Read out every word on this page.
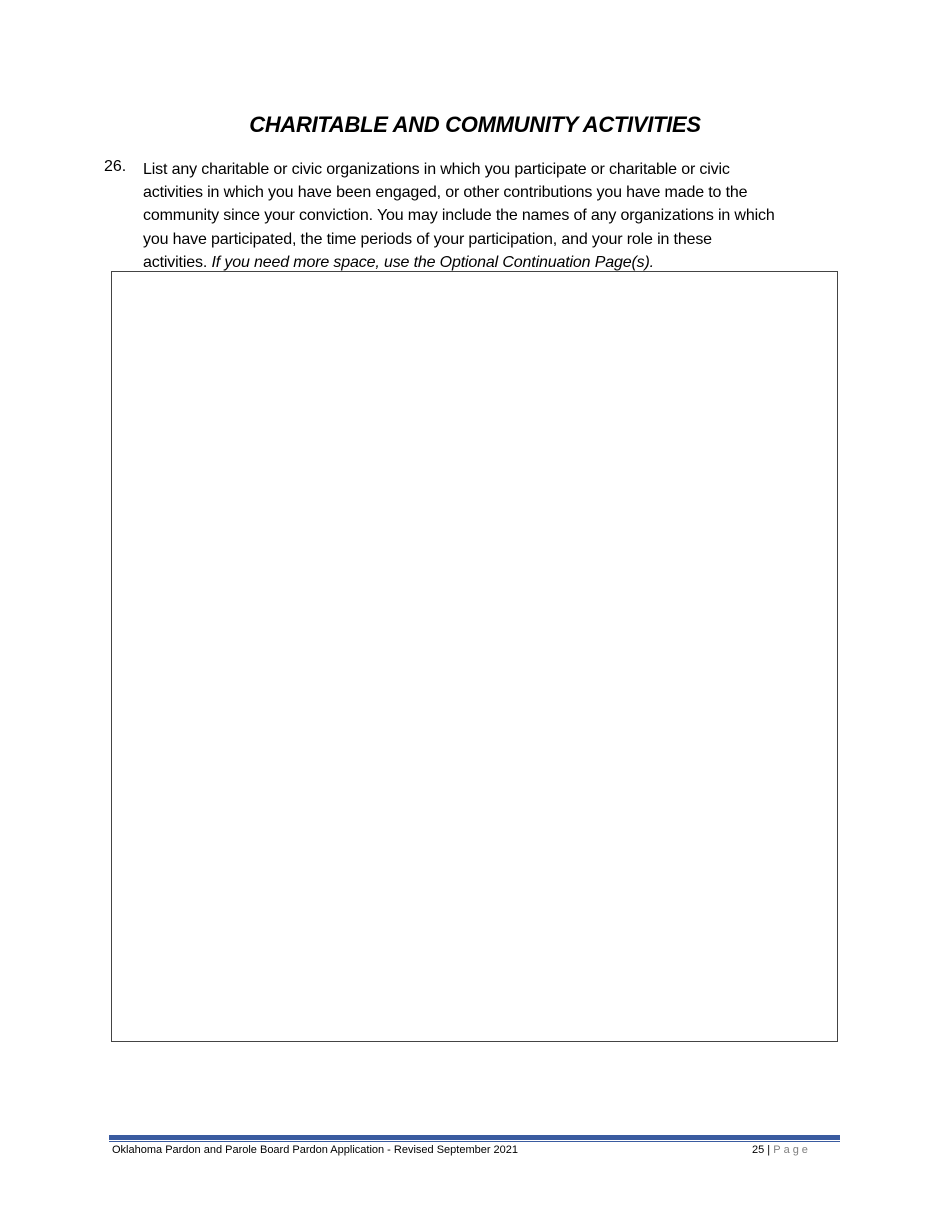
CHARITABLE AND COMMUNITY ACTIVITIES
26. List any charitable or civic organizations in which you participate or charitable or civic
activities in which you have been engaged, or other contributions you have made to the
community since your conviction. You may include the names of any organizations in which
you have participated, the time periods of your participation, and your role in these
activities. If you need more space, use the Optional Continuation Page(s).
Oklahoma Pardon and Parole Board Pardon Application - Revised September 2021	25 | Page
